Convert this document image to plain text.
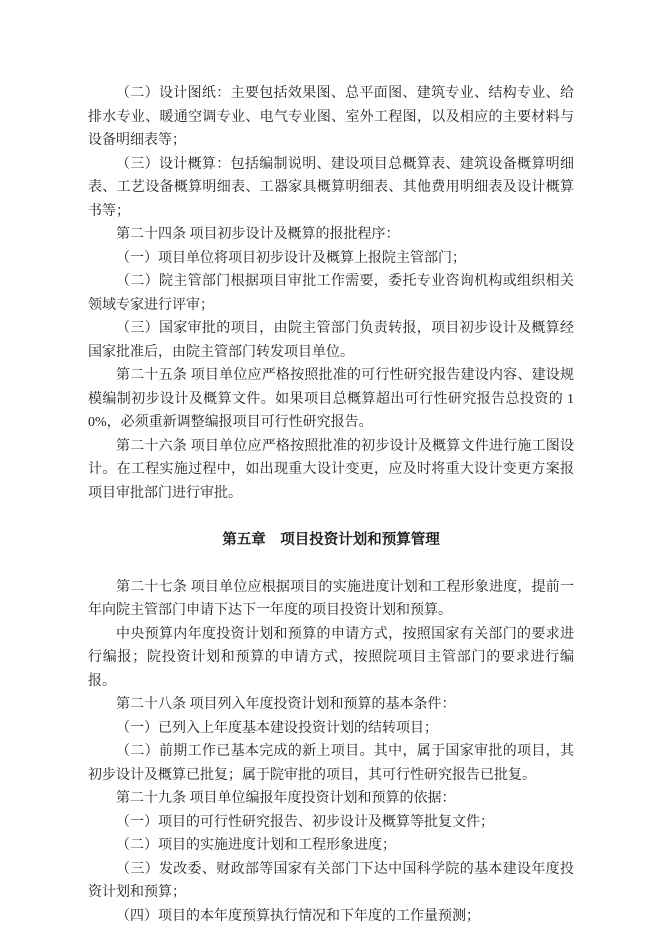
（二）设计图纸：主要包括效果图、总平面图、建筑专业、结构专业、给排水专业、暖通空调专业、电气专业图、室外工程图，以及相应的主要材料与设备明细表等；

（三）设计概算：包括编制说明、建设项目总概算表、建筑设备概算明细表、工艺设备概算明细表、工器家具概算明细表、其他费用明细表及设计概算书等；

第二十四条 项目初步设计及概算的报批程序：

（一）项目单位将项目初步设计及概算上报院主管部门；

（二）院主管部门根据项目审批工作需要，委托专业咨询机构或组织相关领域专家进行评审；

（三）国家审批的项目，由院主管部门负责转报，项目初步设计及概算经国家批准后，由院主管部门转发项目单位。

第二十五条 项目单位应严格按照批准的可行性研究报告建设内容、建设规模编制初步设计及概算文件。如果项目总概算超出可行性研究报告总投资的 10%，必须重新调整编报项目可行性研究报告。

第二十六条 项目单位应严格按照批准的初步设计及概算文件进行施工图设计。在工程实施过程中，如出现重大设计变更，应及时将重大设计变更方案报项目审批部门进行审批。

第五章　项目投资计划和预算管理

第二十七条 项目单位应根据项目的实施进度计划和工程形象进度，提前一年向院主管部门申请下达下一年度的项目投资计划和预算。

中央预算内年度投资计划和预算的申请方式，按照国家有关部门的要求进行编报；院投资计划和预算的申请方式，按照院项目主管部门的要求进行编报。

第二十八条 项目列入年度投资计划和预算的基本条件：

（一）已列入上年度基本建设投资计划的结转项目；

（二）前期工作已基本完成的新上项目。其中，属于国家审批的项目，其初步设计及概算已批复；属于院审批的项目，其可行性研究报告已批复。

第二十九条 项目单位编报年度投资计划和预算的依据：

（一）项目的可行性研究报告、初步设计及概算等批复文件；

（二）项目的实施进度计划和工程形象进度；

（三）发改委、财政部等国家有关部门下达中国科学院的基本建设年度投资计划和预算；

（四）项目的本年度预算执行情况和下年度的工作量预测；
